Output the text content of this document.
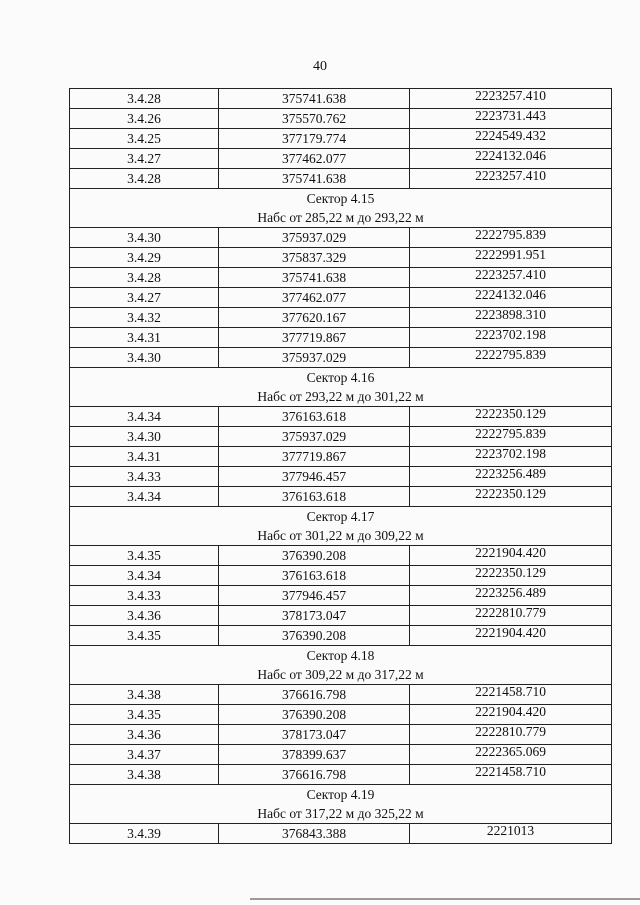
40
3.4.28	375741.638	2223257.410
3.4.26	375570.762	2223731.443
3.4.25	377179.774	2224549.432
3.4.27	377462.077	2224132.046
3.4.28	375741.638	2223257.410
Сектор 4.15		
Набс от 285,22 м до 293,22 м		
3.4.30	375937.029	2222795.839
3.4.29	375837.329	2222991.951
3.4.28	375741.638	2223257.410
3.4.27	377462.077	2224132.046
3.4.32	377620.167	2223898.310
3.4.31	377719.867	2223702.198
3.4.30	375937.029	2222795.839
Сектор 4.16		
Набс от 293,22 м до 301,22 м		
3.4.34	376163.618	2222350.129
3.4.30	375937.029	2222795.839
3.4.31	377719.867	2223702.198
3.4.33	377946.457	2223256.489
3.4.34	376163.618	2222350.129
Сектор 4.17		
Набс от 301,22 м до 309,22 м		
3.4.35	376390.208	2221904.420
3.4.34	376163.618	2222350.129
3.4.33	377946.457	2223256.489
3.4.36	378173.047	2222810.779
3.4.35	376390.208	2221904.420
Сектор 4.18		
Набс от 309,22 м до 317,22 м		
3.4.38	376616.798	2221458.710
3.4.35	376390.208	2221904.420
3.4.36	378173.047	2222810.779
3.4.37	378399.637	2222365.069
3.4.38	376616.798	2221458.710
Сектор 4.19		
Набс от 317,22 м до 325,22 м		
3.4.39	376843.388	2221013
